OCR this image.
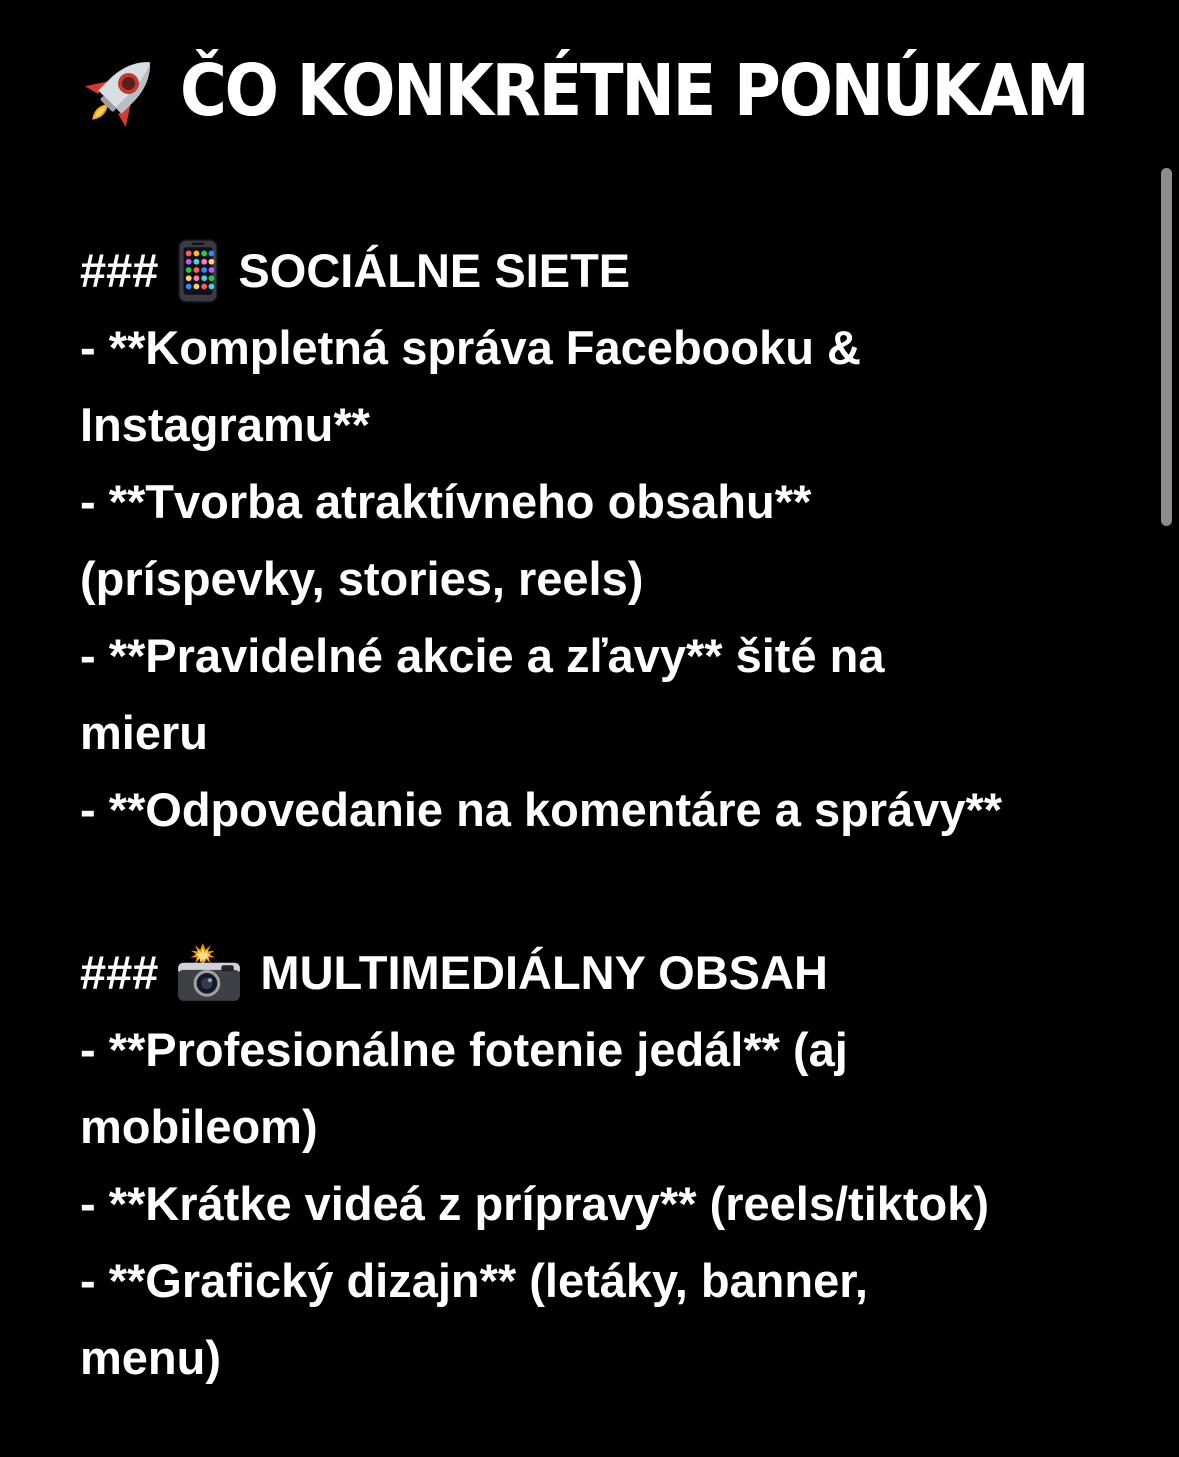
ČO KONKRÉTNE PONÚKAM
### SOCIÁLNE SIETE
- **Kompletná správa Facebooku &
Instagramu**
- **Tvorba atraktívneho obsahu**
(príspevky, stories, reels)
- **Pravidelné akcie a zľavy** šité na
mieru
- **Odpovedanie na komentáre a správy**
### MULTIMEDIÁLNY OBSAH
- **Profesionálne fotenie jedál** (aj
mobileom)
- **Krátke videá z prípravy** (reels/tiktok)
- **Grafický dizajn** (letáky, banner,
menu)
